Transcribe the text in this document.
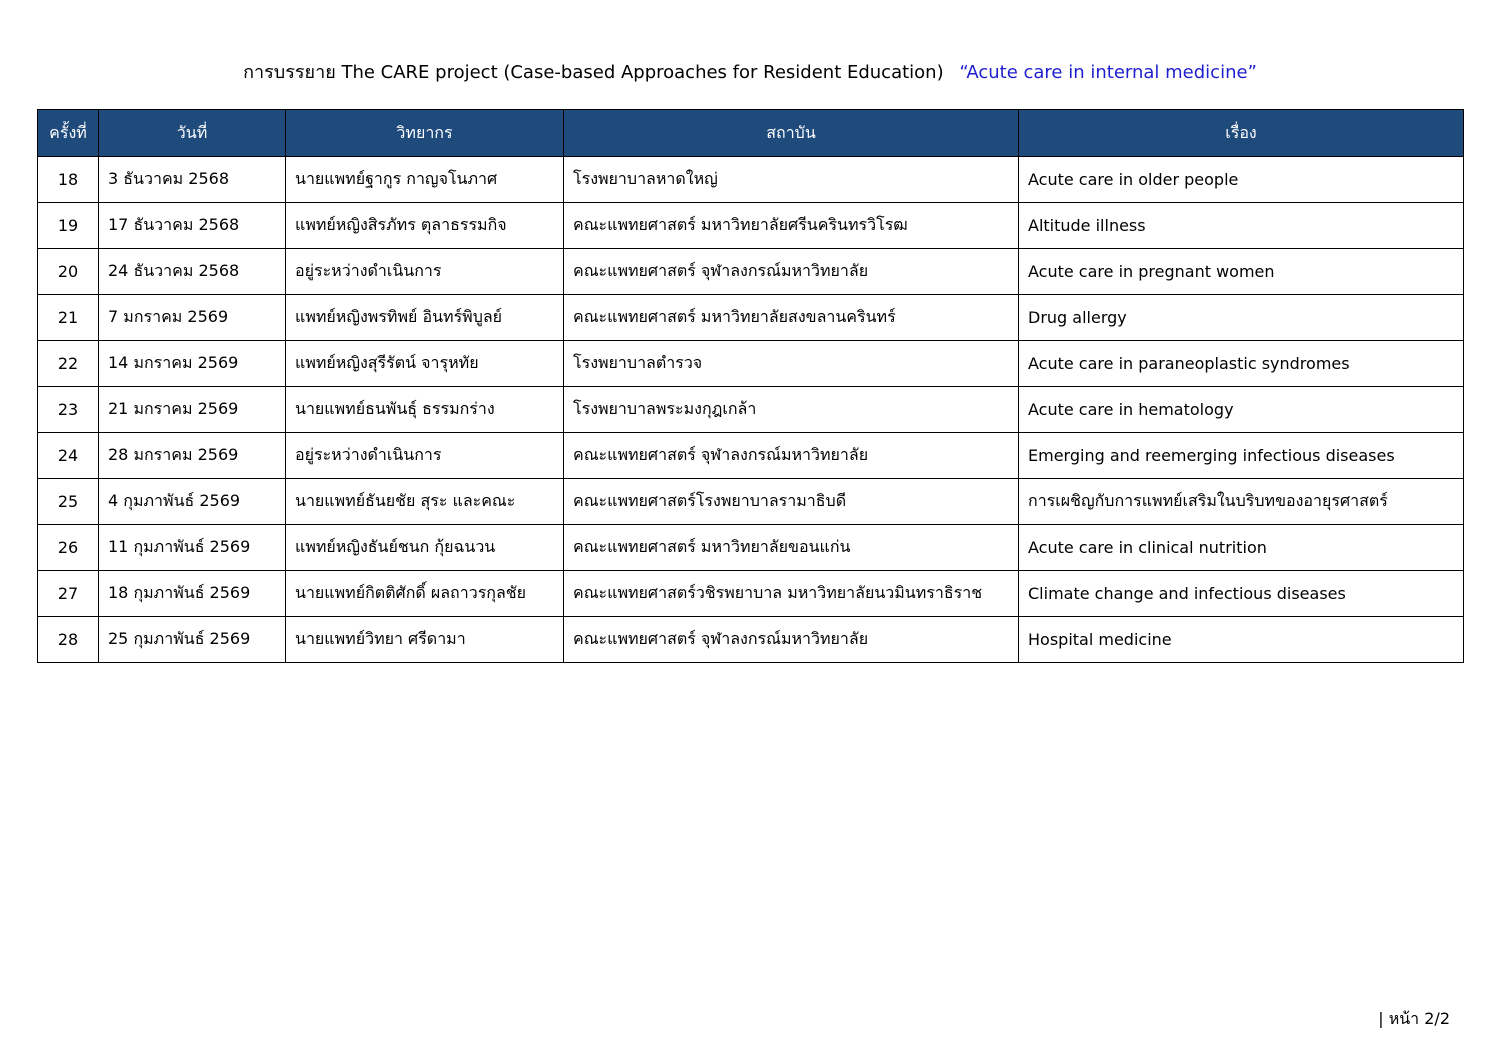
การบรรยาย The CARE project (Case-based Approaches for Resident Education) “Acute care in internal medicine”
ครั้งที่	วันที่	วิทยากร	สถาบัน	เรื่อง
18	3 ธันวาคม 2568	นายแพทย์ฐากูร กาญจโนภาศ	โรงพยาบาลหาดใหญ่	Acute care in older people
19	17 ธันวาคม 2568	แพทย์หญิงสิรภัทร ตุลาธรรมกิจ	คณะแพทยศาสตร์ มหาวิทยาลัยศรีนครินทรวิโรฒ	Altitude illness
20	24 ธันวาคม 2568	อยู่ระหว่างดำเนินการ	คณะแพทยศาสตร์ จุฬาลงกรณ์มหาวิทยาลัย	Acute care in pregnant women
21	7 มกราคม 2569	แพทย์หญิงพรทิพย์ อินทร์พิบูลย์	คณะแพทยศาสตร์ มหาวิทยาลัยสงขลานครินทร์	Drug allergy
22	14 มกราคม 2569	แพทย์หญิงสุรีรัตน์ จารุหทัย	โรงพยาบาลตำรวจ	Acute care in paraneoplastic syndromes
23	21 มกราคม 2569	นายแพทย์ธนพันธุ์ ธรรมกร่าง	โรงพยาบาลพระมงกุฎเกล้า	Acute care in hematology
24	28 มกราคม 2569	อยู่ระหว่างดำเนินการ	คณะแพทยศาสตร์ จุฬาลงกรณ์มหาวิทยาลัย	Emerging and reemerging infectious diseases
25	4 กุมภาพันธ์ 2569	นายแพทย์ธันยชัย สุระ และคณะ	คณะแพทยศาสตร์โรงพยาบาลรามาธิบดี	การเผชิญกับการแพทย์เสริมในบริบทของอายุรศาสตร์
26	11 กุมภาพันธ์ 2569	แพทย์หญิงธันย์ชนก กุ้ยฉนวน	คณะแพทยศาสตร์ มหาวิทยาลัยขอนแก่น	Acute care in clinical nutrition
27	18 กุมภาพันธ์ 2569	นายแพทย์กิตติศักดิ์ ผลถาวรกุลชัย	คณะแพทยศาสตร์วชิรพยาบาล มหาวิทยาลัยนวมินทราธิราช	Climate change and infectious diseases
28	25 กุมภาพันธ์ 2569	นายแพทย์วิทยา ศรีดามา	คณะแพทยศาสตร์ จุฬาลงกรณ์มหาวิทยาลัย	Hospital medicine
| หน้า 2/2
